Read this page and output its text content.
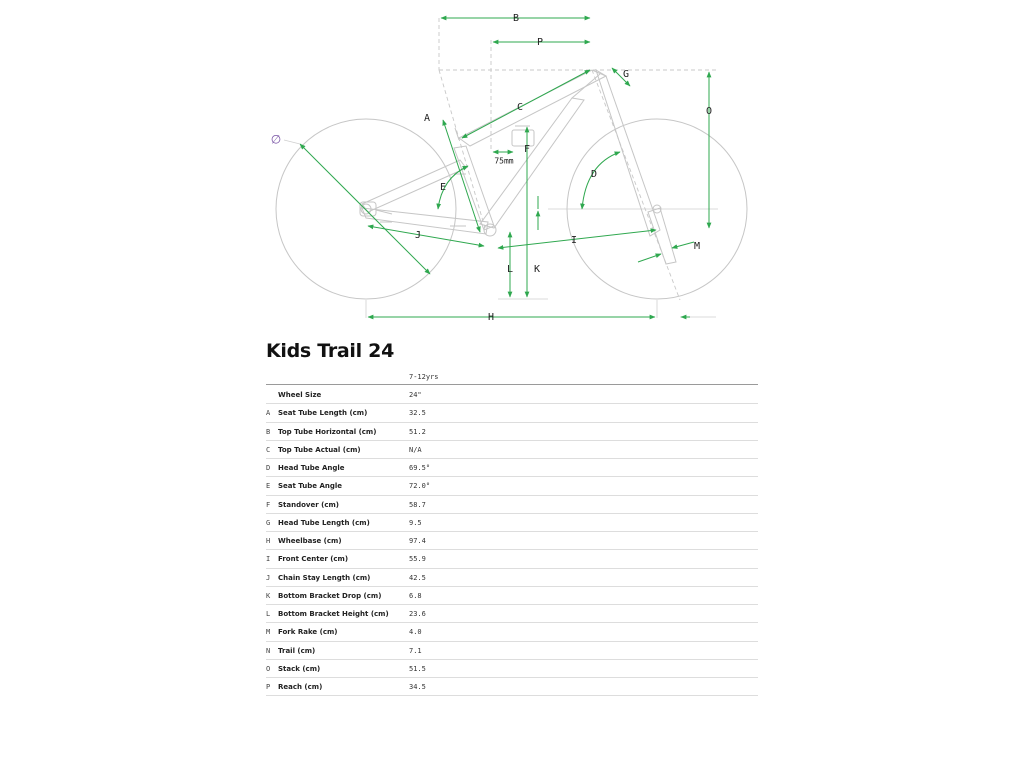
B
P
G
O
C
A
F
75mm
D
E
J	I
M
L K
H
∅
Kids Trail 24
7-12yrs
Wheel Size	24"
A Seat Tube Length (cm)	32.5
B Top Tube Horizontal (cm)	51.2
C Top Tube Actual (cm)	N/A
D Head Tube Angle	69.5°
E Seat Tube Angle	72.0°
F Standover (cm)	58.7
G Head Tube Length (cm)	9.5
H Wheelbase (cm)	97.4
I Front Center (cm)	55.9
J Chain Stay Length (cm)	42.5
K Bottom Bracket Drop (cm)	6.8
L Bottom Bracket Height (cm)	23.6
M Fork Rake (cm)	4.0
N Trail (cm)	7.1
O Stack (cm)	51.5
P Reach (cm)	34.5
